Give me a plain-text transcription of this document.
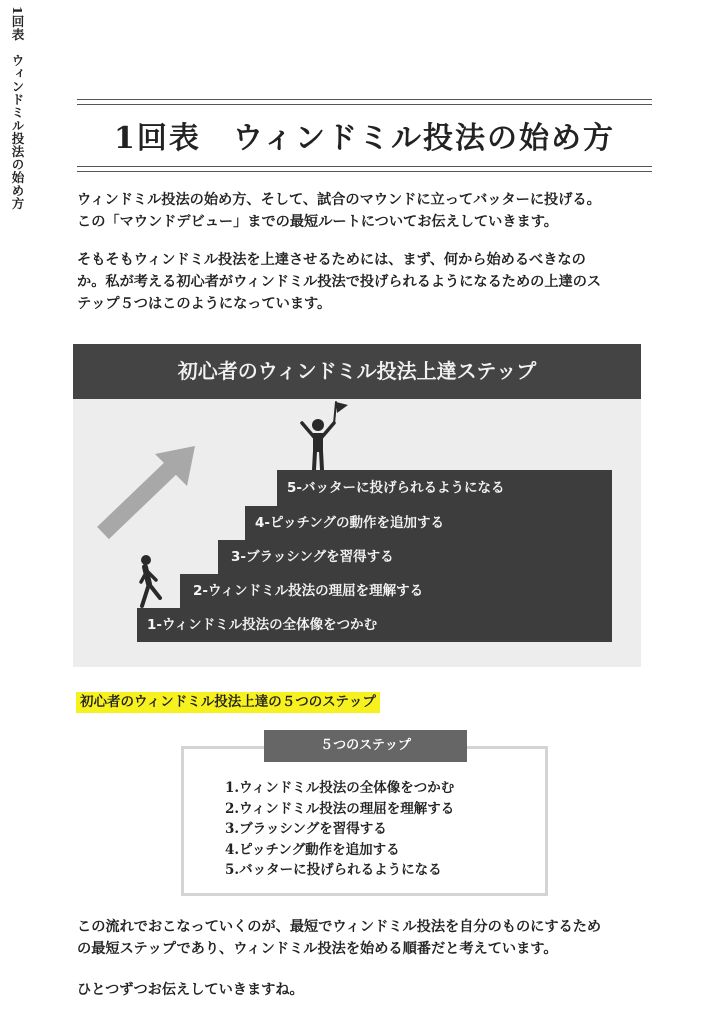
1回表　ウィンドミル投法の始め方	1回表　ウィンドミル投法の始め方

ウィンドミル投法の始め方、そして、試合のマウンドに立ってバッターに投げる。

この「マウンドデビュー」までの最短ルートについてお伝えしていきます。

そもそもウィンドミル投法を上達させるためには、まず、何から始めるべきなの

か。私が考える初心者がウィンドミル投法で投げられるようになるための上達のス

テップ５つはこのようになっています。

初心者のウィンドミル投法上達ステップ
1-ウィンドミル投法の全体像をつかむ
2-ウィンドミル投法の理屈を理解する
3-ブラッシングを習得する
4-ピッチングの動作を追加する
5-バッターに投げられるようになる
初心者のウィンドミル投法上達の５つのステップ
５つのステップ
1.ウィンドミル投法の全体像をつかむ
2.ウィンドミル投法の理屈を理解する
3.ブラッシングを習得する
4.ピッチング動作を追加する
5.バッターに投げられるようになる

この流れでおこなっていくのが、最短でウィンドミル投法を自分のものにするため

の最短ステップであり、ウィンドミル投法を始める順番だと考えています。

ひとつずつお伝えしていきますね。
